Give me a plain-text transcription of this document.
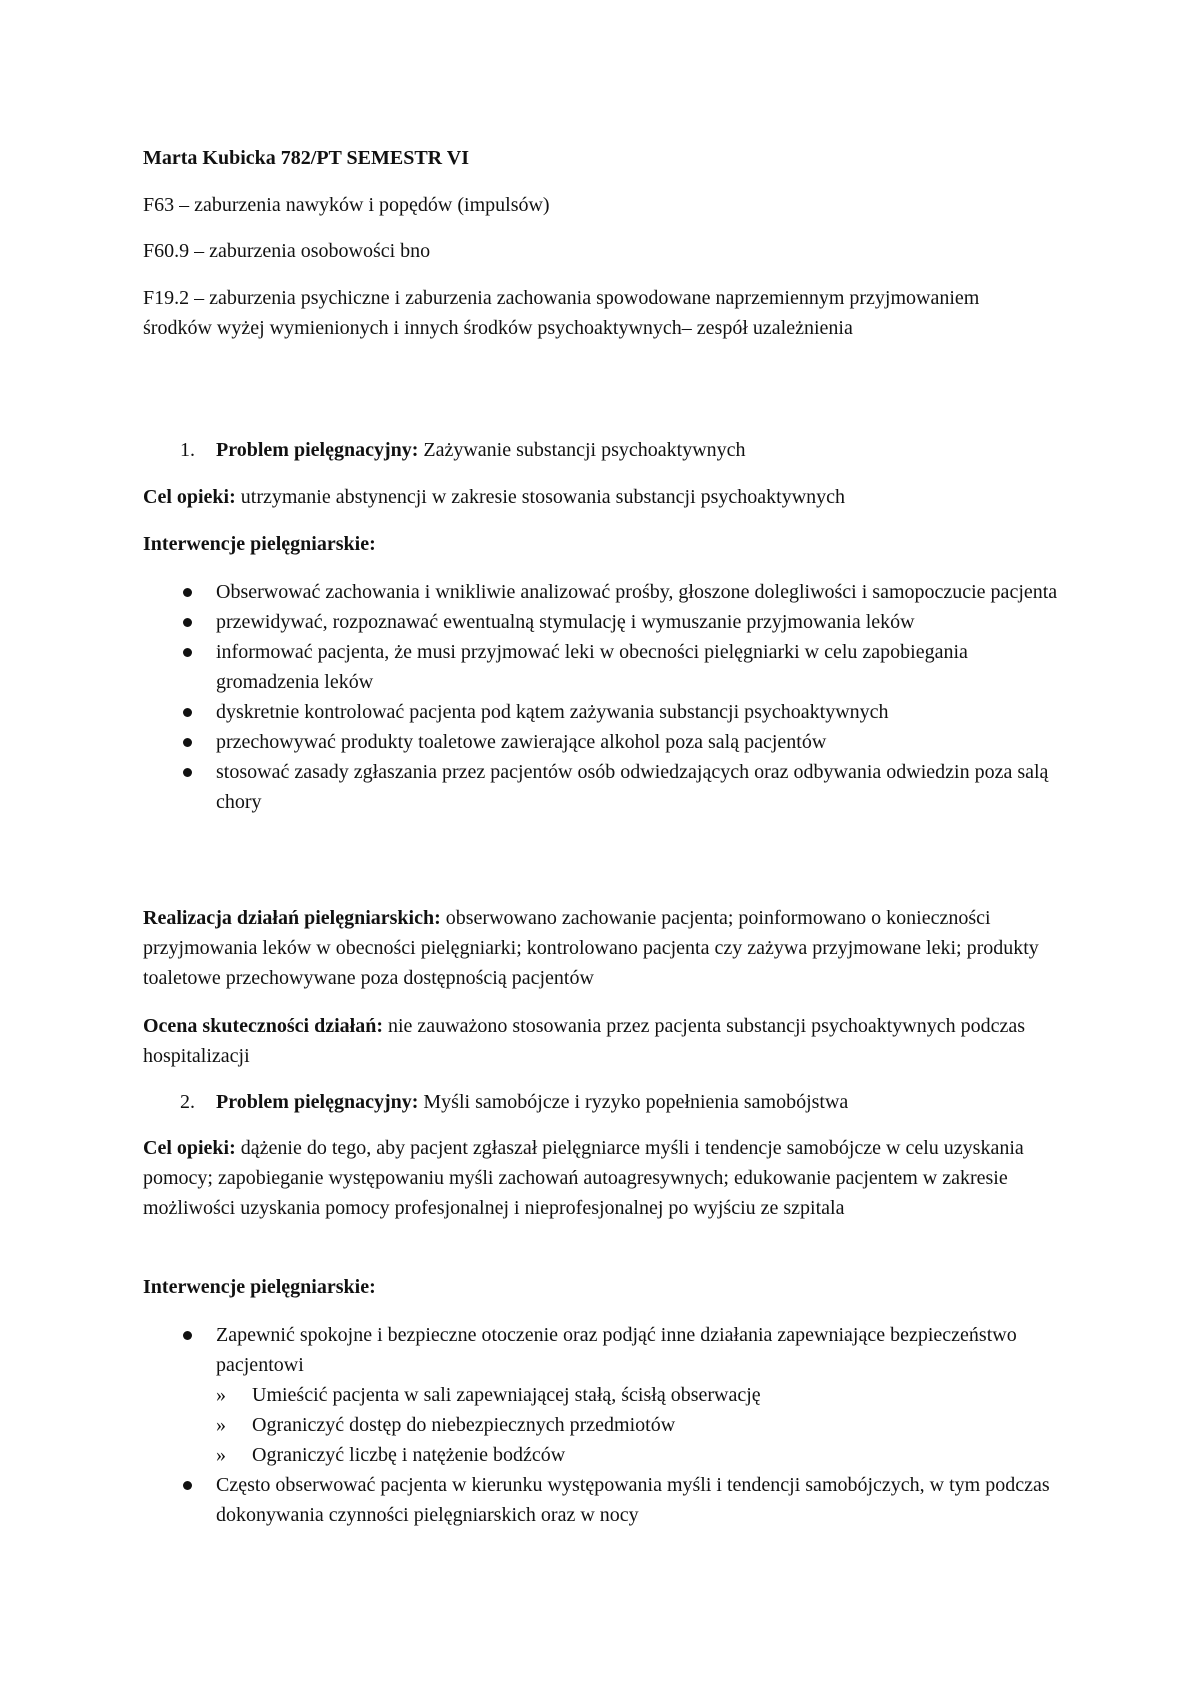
Marta Kubicka 782/PT SEMESTR VI

F63 – zaburzenia nawyków i popędów (impulsów)

F60.9 – zaburzenia osobowości bno

F19.2 – zaburzenia psychiczne i zaburzenia zachowania spowodowane naprzemiennym przyjmowaniem środków wyżej wymienionych i innych środków psychoaktywnych– zespół uzależnienia

1. Problem pielęgnacyjny: Zażywanie substancji psychoaktywnych

Cel opieki: utrzymanie abstynencji w zakresie stosowania substancji psychoaktywnych

Interwencje pielęgniarskie:

Obserwować zachowania i wnikliwie analizować prośby, głoszone dolegliwości i samopoczucie pacjenta
przewidywać, rozpoznawać ewentualną stymulację i wymuszanie przyjmowania leków
informować pacjenta, że musi przyjmować leki w obecności pielęgniarki w celu zapobiegania gromadzenia leków
dyskretnie kontrolować pacjenta pod kątem zażywania substancji psychoaktywnych
przechowywać produkty toaletowe zawierające alkohol poza salą pacjentów
stosować zasady zgłaszania przez pacjentów osób odwiedzających oraz odbywania odwiedzin poza salą chory

Realizacja działań pielęgniarskich: obserwowano zachowanie pacjenta; poinformowano o konieczności przyjmowania leków w obecności pielęgniarki; kontrolowano pacjenta czy zażywa przyjmowane leki; produkty toaletowe przechowywane poza dostępnością pacjentów

Ocena skuteczności działań: nie zauważono stosowania przez pacjenta substancji psychoaktywnych podczas hospitalizacji

2. Problem pielęgnacyjny: Myśli samobójcze i ryzyko popełnienia samobójstwa

Cel opieki: dążenie do tego, aby pacjent zgłaszał pielęgniarce myśli i tendencje samobójcze w celu uzyskania pomocy; zapobieganie występowaniu myśli zachowań autoagresywnych; edukowanie pacjentem w zakresie możliwości uzyskania pomocy profesjonalnej i nieprofesjonalnej po wyjściu ze szpitala

Interwencje pielęgniarskie:

Zapewnić spokojne i bezpieczne otoczenie oraz podjąć inne działania zapewniające bezpieczeństwo pacjentowi
» Umieścić pacjenta w sali zapewniającej stałą, ścisłą obserwację
» Ograniczyć dostęp do niebezpiecznych przedmiotów
» Ograniczyć liczbę i natężenie bodźców
Często obserwować pacjenta w kierunku występowania myśli i tendencji samobójczych, w tym podczas dokonywania czynności pielęgniarskich oraz w nocy
